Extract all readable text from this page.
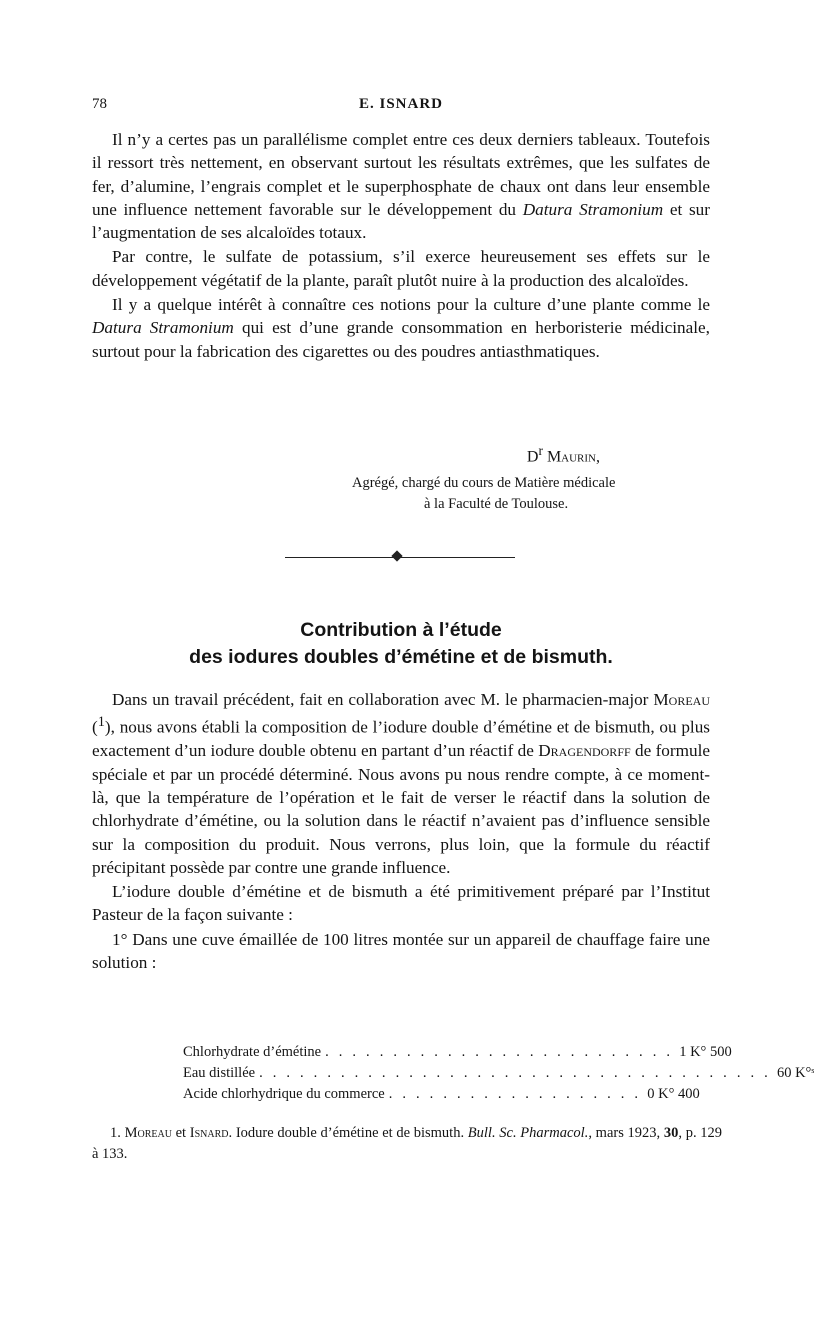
78	E. ISNARD

Il n’y a certes pas un parallélisme complet entre ces deux derniers tableaux. Toutefois il ressort très nettement, en observant surtout les résultats extrêmes, que les sulfates de fer, d’alumine, l’engrais complet et le superphosphate de chaux ont dans leur ensemble une influence nettement favorable sur le développement du Datura Stramonium et sur l’augmentation de ses alcaloïdes totaux.

Par contre, le sulfate de potassium, s’il exerce heureusement ses effets sur le développement végétatif de la plante, paraît plutôt nuire à la production des alcaloïdes.

Il y a quelque intérêt à connaître ces notions pour la culture d’une plante comme le Datura Stramonium qui est d’une grande consommation en herboristerie médicinale, surtout pour la fabrication des cigarettes ou des poudres antiasthmatiques.

$D^r$ Maurin,
Agrégé, chargé du cours de Matière médicale
à la Faculté de Toulouse.
Contribution à l’étude
des iodures doubles d’émétine et de bismuth.

Dans un travail précédent, fait en collaboration avec M. le pharmacien-major Moreau ($^1$), nous avons établi la composition de l’iodure double d’émétine et de bismuth, ou plus exactement d’un iodure double obtenu en partant d’un réactif de Dragendorff de formule spéciale et par un procédé déterminé. Nous avons pu nous rendre compte, à ce moment-là, que la température de l’opération et le fait de verser le réactif dans la solution de chlorhydrate d’émétine, ou la solution dans le réactif n’avaient pas d’influence sensible sur la composition du produit. Nous verrons, plus loin, que la formule du réactif précipitant possède par contre une grande influence.

L’iodure double d’émétine et de bismuth a été primitivement préparé par l’Institut Pasteur de la façon suivante :

1° Dans une cuve émaillée de 100 litres montée sur un appareil de chauffage faire une solution :

Chlorhydrate d’émétine . . . . . . . . . . . . . . . . . . . . . . . . . . 1 K° 500
Eau distillée . . . . . . . . . . . . . . . . . . . . . . . . . . . . . . . . . . . . . . 60 K°ˢ
Acide chlorhydrique du commerce . . . . . . . . . . . . . . . . . . . 0 K° 400
1. Moreau et Isnard. Iodure double d’émétine et de bismuth. Bull. Sc. Pharmacol., mars 1923, 30, p. 129 à 133.
